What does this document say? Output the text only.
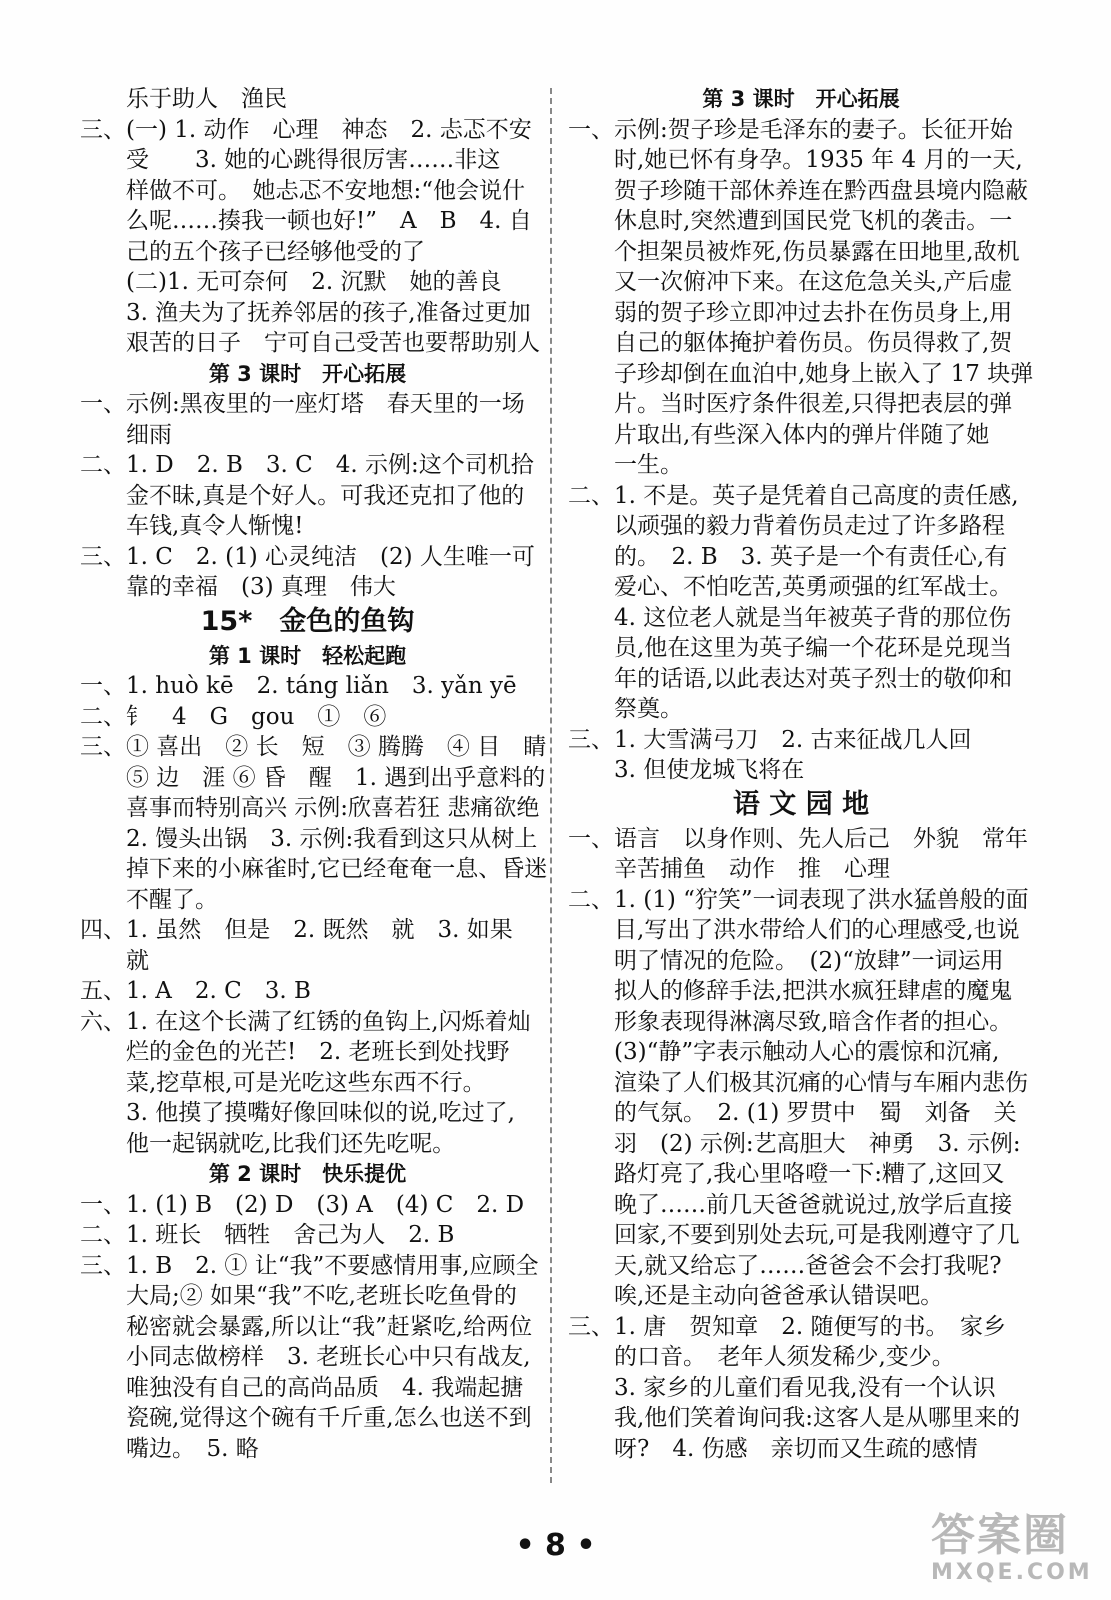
乐于助人　渔民
三、(一) 1. 动作　心理　神态　2. 忐忑不安
受　　3. 她的心跳得很厉害……非这
样做不可。　她忐忑不安地想:“他会说什
么呢……揍我一顿也好!”　A　B　4. 自
己的五个孩子已经够他受的了
(二)1. 无可奈何　2. 沉默　她的善良
3. 渔夫为了抚养邻居的孩子,准备过更加
艰苦的日子　宁可自己受苦也要帮助别人
第 3 课时　开心拓展
一、示例:黑夜里的一座灯塔　春天里的一场
细雨
二、1. D　2. B　3. C　4. 示例:这个司机拾
金不昧,真是个好人。可我还克扣了他的
车钱,真令人惭愧!
三、1. C　2. (1) 心灵纯洁　(2) 人生唯一可
靠的幸福　(3) 真理　伟大
15*　金色的鱼钩
第 1 课时　轻松起跑
一、1. huò kē　2. táng liǎn　3. yǎn yē
二、钅　4　G　gou　①　⑥
三、① 喜出　② 长　短　③ 腾腾　④ 目　睛
⑤ 边　涯 ⑥ 昏　醒　1. 遇到出乎意料的
喜事而特别高兴 示例:欣喜若狂 悲痛欲绝
2. 馒头出锅　3. 示例:我看到这只从树上
掉下来的小麻雀时,它已经奄奄一息、昏迷
不醒了。
四、1. 虽然　但是　2. 既然　就　3. 如果
就
五、1. A　2. C　3. B
六、1. 在这个长满了红锈的鱼钩上,闪烁着灿
烂的金色的光芒!　2. 老班长到处找野
菜,挖草根,可是光吃这些东西不行。
3. 他摸了摸嘴好像回味似的说,吃过了,
他一起锅就吃,比我们还先吃呢。
第 2 课时　快乐提优
一、1. (1) B　(2) D　(3) A　(4) C　2. D
二、1. 班长　牺牲　舍己为人　2. B
三、1. B　2. ① 让“我”不要感情用事,应顾全
大局;② 如果“我”不吃,老班长吃鱼骨的
秘密就会暴露,所以让“我”赶紧吃,给两位
小同志做榜样　3. 老班长心中只有战友,
唯独没有自己的高尚品质　4. 我端起搪
瓷碗,觉得这个碗有千斤重,怎么也送不到
嘴边。　5. 略
第 3 课时　开心拓展
一、示例:贺子珍是毛泽东的妻子。长征开始
时,她已怀有身孕。1935 年 4 月的一天,
贺子珍随干部休养连在黔西盘县境内隐蔽
休息时,突然遭到国民党飞机的袭击。一
个担架员被炸死,伤员暴露在田地里,敌机
又一次俯冲下来。在这危急关头,产后虚
弱的贺子珍立即冲过去扑在伤员身上,用
自己的躯体掩护着伤员。伤员得救了,贺
子珍却倒在血泊中,她身上嵌入了 17 块弹
片。当时医疗条件很差,只得把表层的弹
片取出,有些深入体内的弹片伴随了她
一生。
二、1. 不是。英子是凭着自己高度的责任感,
以顽强的毅力背着伤员走过了许多路程
的。　2. B　3. 英子是一个有责任心,有
爱心、不怕吃苦,英勇顽强的红军战士。
4. 这位老人就是当年被英子背的那位伤
员,他在这里为英子编一个花环是兑现当
年的话语,以此表达对英子烈士的敬仰和
祭奠。
三、1. 大雪满弓刀　2. 古来征战几人回
3. 但使龙城飞将在
语 文 园 地
一、语言　以身作则、先人后己　外貌　常年
辛苦捕鱼　动作　推　心理
二、1. (1) “狞笑”一词表现了洪水猛兽般的面
目,写出了洪水带给人们的心理感受,也说
明了情况的危险。　(2)“放肆”一词运用
拟人的修辞手法,把洪水疯狂肆虐的魔鬼
形象表现得淋漓尽致,暗含作者的担心。
(3)“静”字表示触动人心的震惊和沉痛,
渲染了人们极其沉痛的心情与车厢内悲伤
的气氛。　2. (1) 罗贯中　蜀　刘备　关
羽　(2) 示例:艺高胆大　神勇　3. 示例:
路灯亮了,我心里咯噔一下:糟了,这回又
晚了……前几天爸爸就说过,放学后直接
回家,不要到别处去玩,可是我刚遵守了几
天,就又给忘了……爸爸会不会打我呢?
唉,还是主动向爸爸承认错误吧。
三、1. 唐　贺知章　2. 随便写的书。　家乡
的口音。　老年人须发稀少,变少。
3. 家乡的儿童们看见我,没有一个认识
我,他们笑着询问我:这客人是从哪里来的
呀?　4. 伤感　亲切而又生疏的感情
• 8 •	答案圈
MXQE.COM
